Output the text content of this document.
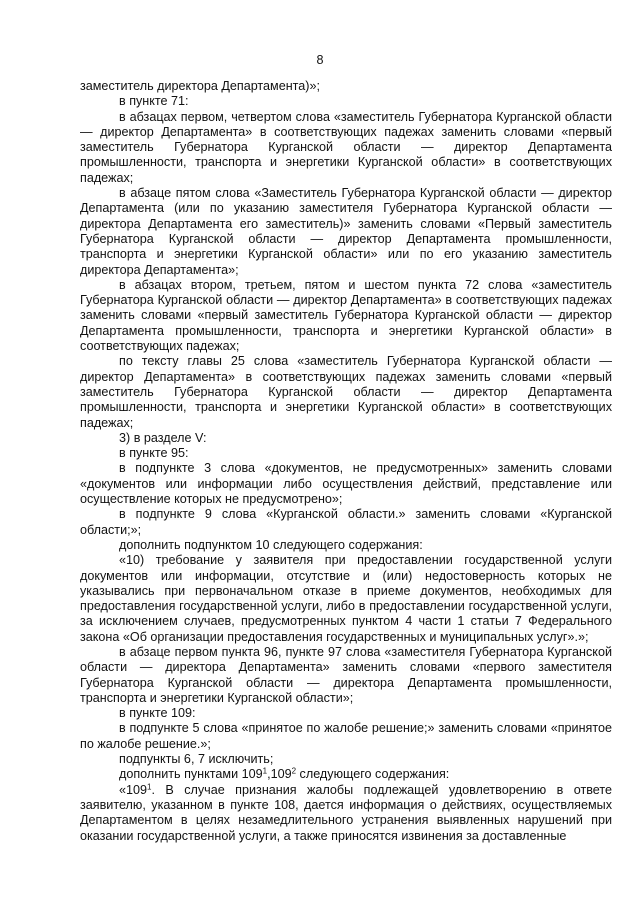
8

заместитель директора Департамента)»;

в пункте 71:

в абзацах первом, четвертом слова «заместитель Губернатора Курганской области — директор Департамента» в соответствующих падежах заменить словами «первый заместитель Губернатора Курганской области — директор Департамента промышленности, транспорта и энергетики Курганской области» в соответствующих падежах;

в абзаце пятом слова «Заместитель Губернатора Курганской области — директор Департамента (или по указанию заместителя Губернатора Курганской области — директора Департамента его заместитель)» заменить словами «Первый заместитель Губернатора Курганской области — директор Департамента промышленности, транспорта и энергетики Курганской области» или по его указанию заместитель директора Департамента»;

в абзацах втором, третьем, пятом и шестом пункта 72 слова «заместитель Губернатора Курганской области — директор Департамента» в соответствующих падежах заменить словами «первый заместитель Губернатора Курганской области — директор Департамента промышленности, транспорта и энергетики Курганской области» в соответствующих падежах;

по тексту главы 25 слова «заместитель Губернатора Курганской области — директор Департамента» в соответствующих падежах заменить словами «первый заместитель Губернатора Курганской области — директор Департамента промышленности, транспорта и энергетики Курганской области» в соответствующих падежах;

3) в разделе V:

в пункте 95:

в подпункте 3 слова «документов, не предусмотренных» заменить словами «документов или информации либо осуществления действий, представление или осуществление которых не предусмотрено»;

в подпункте 9 слова «Курганской области.» заменить словами «Курганской области;»;

дополнить подпунктом 10 следующего содержания:

«10) требование у заявителя при предоставлении государственной услуги документов или информации, отсутствие и (или) недостоверность которых не указывались при первоначальном отказе в приеме документов, необходимых для предоставления государственной услуги, либо в предоставлении государственной услуги, за исключением случаев, предусмотренных пунктом 4 части 1 статьи 7 Федерального закона «Об организации предоставления государственных и муниципальных услуг».»;

в абзаце первом пункта 96, пункте 97 слова «заместителя Губернатора Курганской области — директора Департамента» заменить словами «первого заместителя Губернатора Курганской области — директора Департамента промышленности, транспорта и энергетики Курганской области»;

в пункте 109:

в подпункте 5 слова «принятое по жалобе решение;» заменить словами «принятое по жалобе решение.»;

подпункты 6, 7 исключить;

дополнить пунктами $109^1,109^2$ следующего содержания:

«$109^1$. В случае признания жалобы подлежащей удовлетворению в ответе заявителю, указанном в пункте 108, дается информация о действиях, осуществляемых Департаментом в целях незамедлительного устранения выявленных нарушений при оказании государственной услуги, а также приносятся извинения за доставленные
